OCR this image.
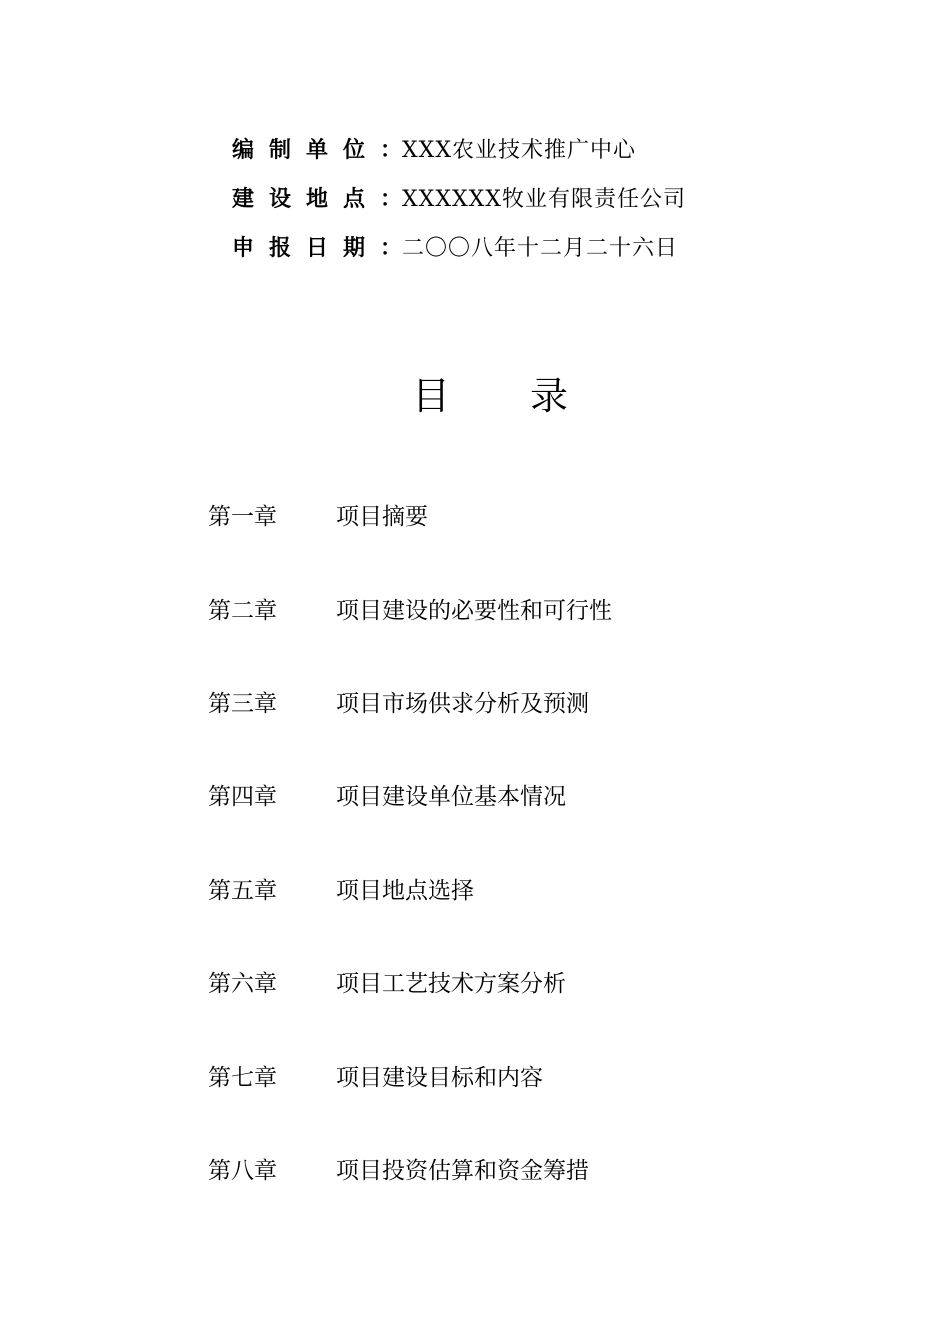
编 制 单 位 ： XXX农业技术推广中心
建 设 地 点 ： XXXXXX牧业有限责任公司
申 报 日 期 ： 二〇〇八年十二月二十六日
目 录
第一章	项目摘要
第二章	项目建设的必要性和可行性
第三章	项目市场供求分析及预测
第四章	项目建设单位基本情况
第五章	项目地点选择
第六章	项目工艺技术方案分析
第七章	项目建设目标和内容
第八章	项目投资估算和资金筹措
